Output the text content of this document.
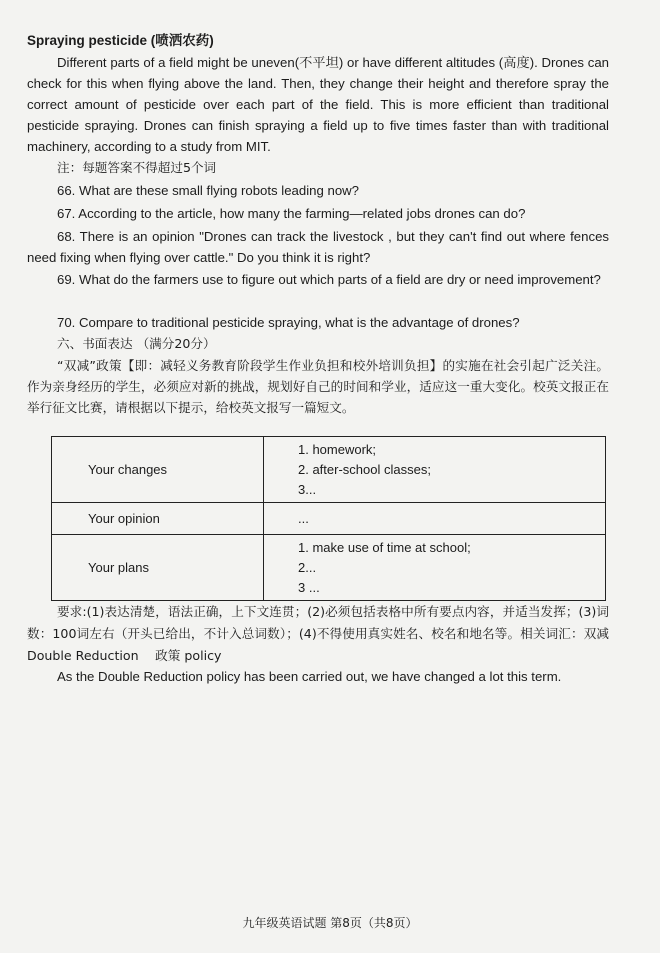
Spraying pesticide (喷洒农药)
Different parts of a field might be uneven(不平坦) or have different altitudes (高度). Drones can check for this when flying above the land. Then, they change their height and therefore spray the correct amount of pesticide over each part of the field. This is more efficient than traditional pesticide spraying. Drones can finish spraying a field up to five times faster than with traditional machinery, according to a study from MIT.
注：每题答案不得超过5个词
66. What are these small flying robots leading now?
67. According to the article, how many the farming—related jobs drones can do?
68. There is an opinion "Drones can track the livestock , but they can't find out where fences need fixing when flying over cattle." Do you think it is right?
69. What do the farmers use to figure out which parts of a field are dry or need improvement?
70. Compare to traditional pesticide spraying, what is the advantage of drones?
六、书面表达 （满分20分）
“双减”政策【即：减轻义务教育阶段学生作业负担和校外培训负担】的实施在社会引起广泛关注。作为亲身经历的学生，必须应对新的挑战，规划好自己的时间和学业，适应这一重大变化。校英文报正在举行征文比赛，请根据以下提示，给校英文报写一篇短文。
Your changes	1. homework;
2. after-school classes;
3...

Your opinion	...

Your plans	1. make use of time at school;
2...
3 ...
要求:(1)表达清楚，语法正确，上下文连贯；(2)必须包括表格中所有要点内容，并适当发挥；(3)词数：100词左右（开头已给出，不计入总词数）；(4)不得使用真实姓名、校名和地名等。相关词汇：双减 Double Reduction　 政策 policy
As the Double Reduction policy has been carried out, we have changed a lot this term.
九年级英语试题 第8页（共8页）
